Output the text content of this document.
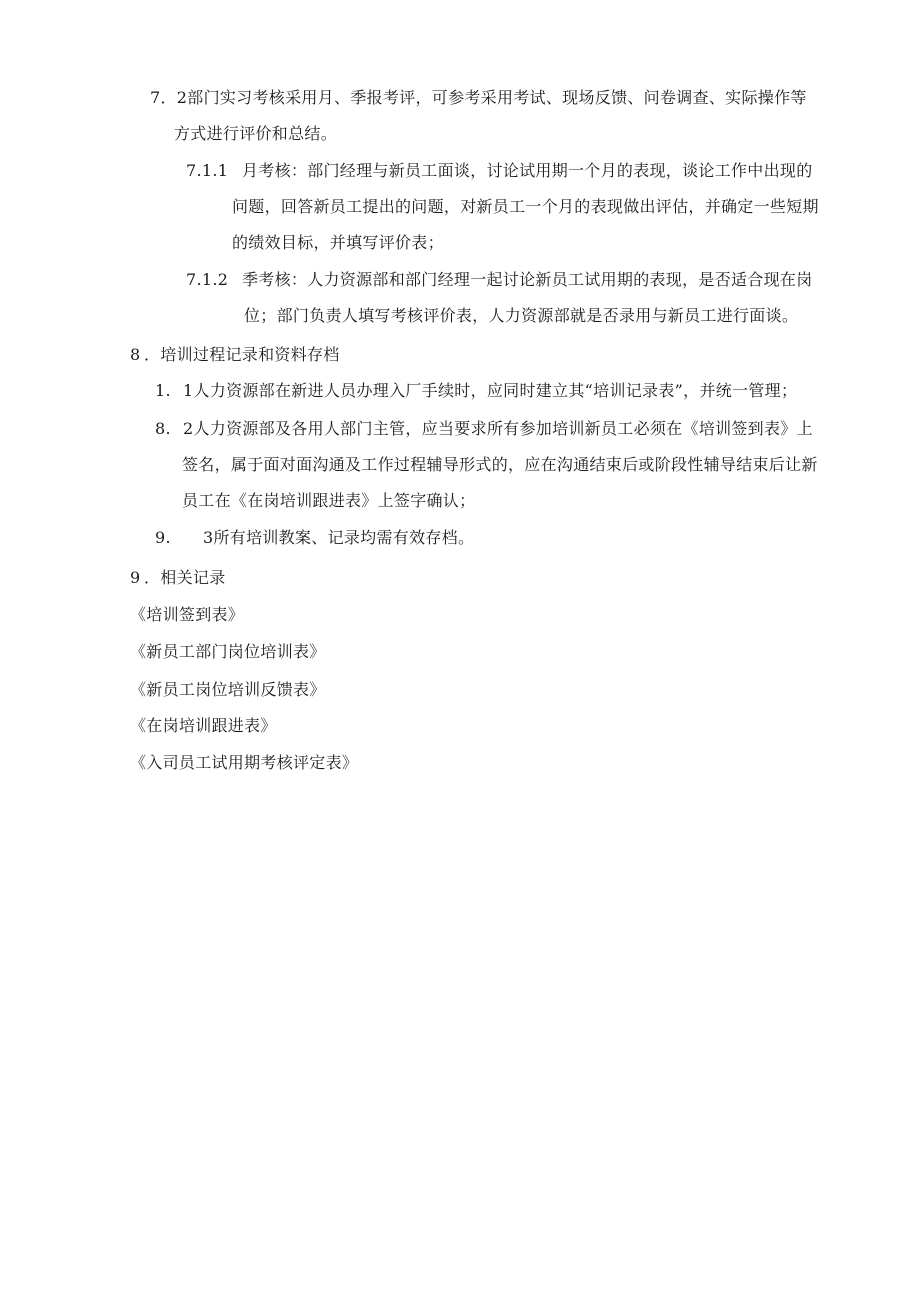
7．2部门实习考核采用月、季报考评，可参考采用考试、现场反馈、问卷调查、实际操作等
方式进行评价和总结。
7.1.1 月考核：部门经理与新员工面谈，讨论试用期一个月的表现，谈论工作中出现的
问题，回答新员工提出的问题，对新员工一个月的表现做出评估，并确定一些短期
的绩效目标，并填写评价表；
7.1.2 季考核：人力资源部和部门经理一起讨论新员工试用期的表现，是否适合现在岗
位；部门负责人填写考核评价表，人力资源部就是否录用与新员工进行面谈。
8 ．培训过程记录和资料存档
1. 1人力资源部在新进人员办理入厂手续时，应同时建立其“培训记录表”，并统一管理；
8. 2人力资源部及各用人部门主管，应当要求所有参加培训新员工必须在《培训签到表》上
签名，属于面对面沟通及工作过程辅导形式的，应在沟通结束后或阶段性辅导结束后让新
员工在《在岗培训跟进表》上签字确认；
9. 3所有培训教案、记录均需有效存档。
9 ．相关记录
《培训签到表》
《新员工部门岗位培训表》
《新员工岗位培训反馈表》
《在岗培训跟进表》
《入司员工试用期考核评定表》
